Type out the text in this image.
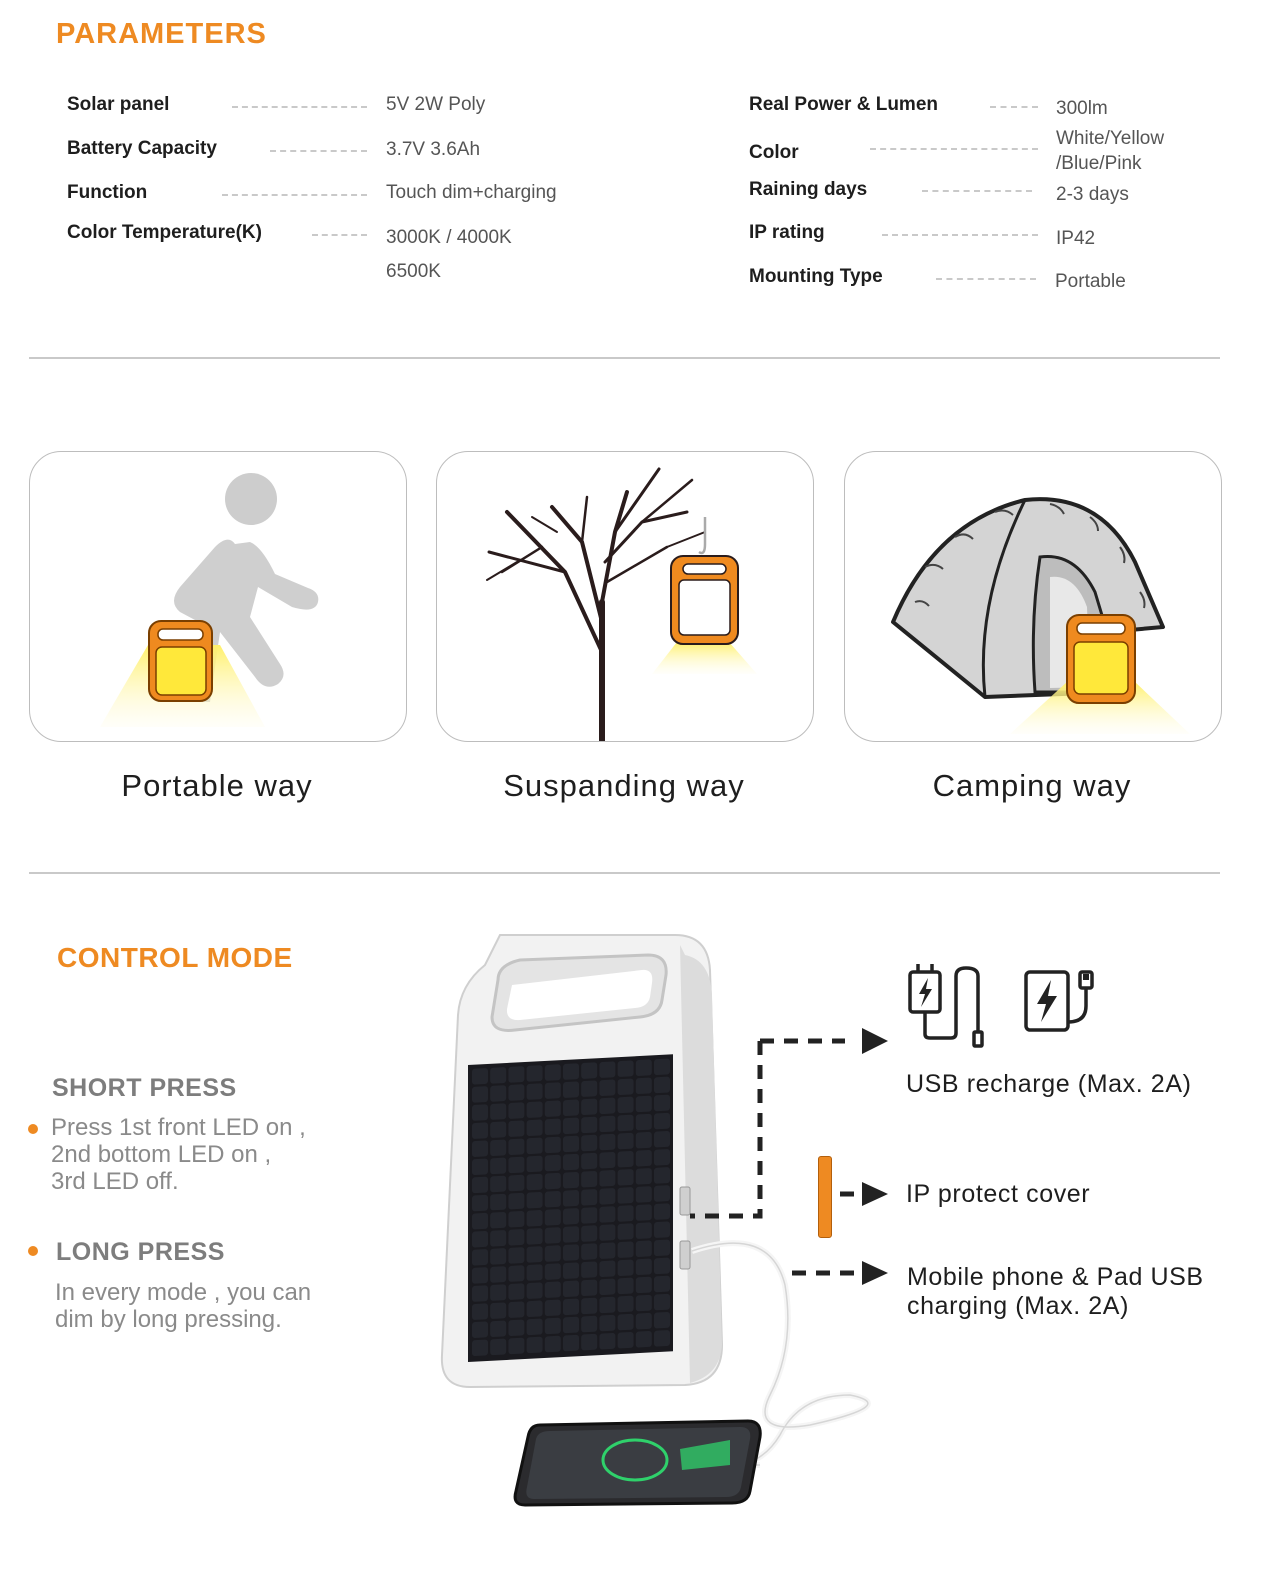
PARAMETERS
Solar panel	5V 2W Poly
Battery Capacity	3.7V 3.6Ah
Function	Touch dim+charging
Color Temperature(K)	3000K / 4000K
6500K
Real Power & Lumen	300lm
Color
White/Yellow
/Blue/Pink
Raining days	2-3 days
IP rating	IP42
Mounting Type	Portable
Portable way	Suspanding way	Camping way
CONTROL MODE
SHORT PRESS
Press 1st front LED on ,
2nd bottom LED on ,
3rd LED off.
LONG PRESS
In every mode , you can
dim by long pressing.
USB recharge (Max. 2A)
IP protect cover
Mobile phone & Pad USB
charging (Max. 2A)
